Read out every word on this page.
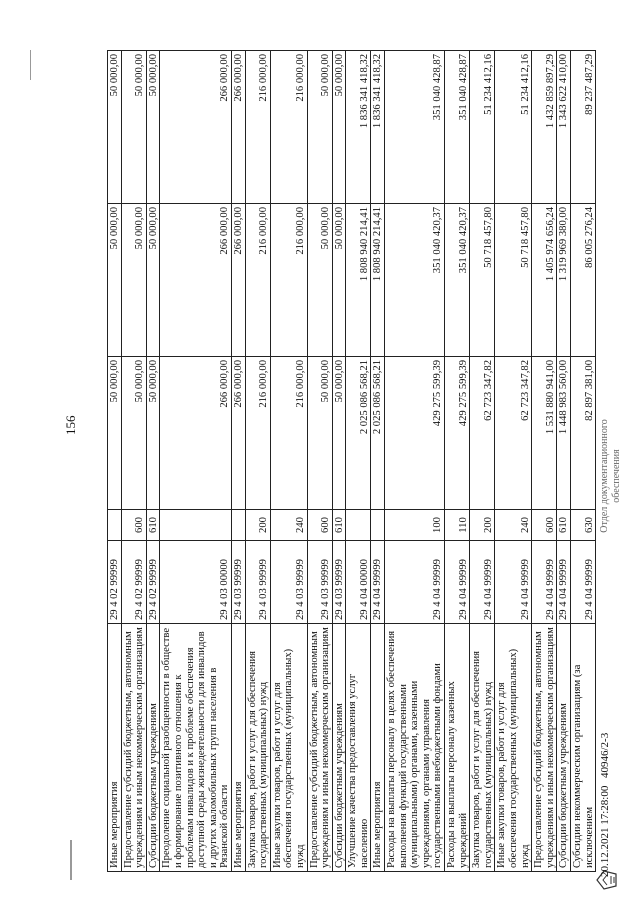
156
Иные мероприятия	29 4 02 99999		50 000,00	50 000,00	50 000,00
Предоставление субсидий бюджетным, автономным учреждениям и иным некоммерческим организациям	29 4 02 99999	600	50 000,00	50 000,00	50 000,00
Субсидии бюджетным учреждениям	29 4 02 99999	610	50 000,00	50 000,00	50 000,00
Преодоление социальной разобщенности в обществе и формирование позитивного отношения к проблемам инвалидов и к проблеме обеспечения доступной среды жизнедеятельности для инвалидов и других маломобильных групп населения в Рязанской области	29 4 03 00000		266 000,00	266 000,00	266 000,00
Иные мероприятия	29 4 03 99999		266 000,00	266 000,00	266 000,00
Закупка товаров, работ и услуг для обеспечения государственных (муниципальных) нужд	29 4 03 99999	200	216 000,00	216 000,00	216 000,00
Иные закупки товаров, работ и услуг для обеспечения государственных (муниципальных) нужд	29 4 03 99999	240	216 000,00	216 000,00	216 000,00
Предоставление субсидий бюджетным, автономным учреждениям и иным некоммерческим организациям	29 4 03 99999	600	50 000,00	50 000,00	50 000,00
Субсидии бюджетным учреждениям	29 4 03 99999	610	50 000,00	50 000,00	50 000,00
Улучшение качества предоставления услуг населению	29 4 04 00000		2 025 086 568,21	1 808 940 214,41	1 836 341 418,32
Иные мероприятия	29 4 04 99999		2 025 086 568,21	1 808 940 214,41	1 836 341 418,32
Расходы на выплаты персоналу в целях обеспечения выполнения функций государственными (муниципальными) органами, казенными учреждениями, органами управления государственными внебюджетными фондами	29 4 04 99999	100	429 275 599,39	351 040 420,37	351 040 428,87
Расходы на выплаты персоналу казенных учреждений	29 4 04 99999	110	429 275 599,39	351 040 420,37	351 040 428,87
Закупка товаров, работ и услуг для обеспечения государственных (муниципальных) нужд	29 4 04 99999	200	62 723 347,82	50 718 457,80	51 234 412,16
Иные закупки товаров, работ и услуг для обеспечения государственных (муниципальных) нужд	29 4 04 99999	240	62 723 347,82	50 718 457,80	51 234 412,16
Предоставление субсидий бюджетным, автономным учреждениям и иным некоммерческим организациям	29 4 04 99999	600	1 531 880 941,00	1 405 974 656,24	1 432 859 897,29
Субсидии бюджетным учреждениям	29 4 04 99999	610	1 448 983 560,00	1 319 969 380,00	1 343 622 410,00
Субсидии некоммерческим организациям (за исключением	29 4 04 99999	630	82 897 381,00	86 005 276,24	89 237 487,29
20.12.2021 17:28:00
40946/2-3
Отдел документационного обеспечения
